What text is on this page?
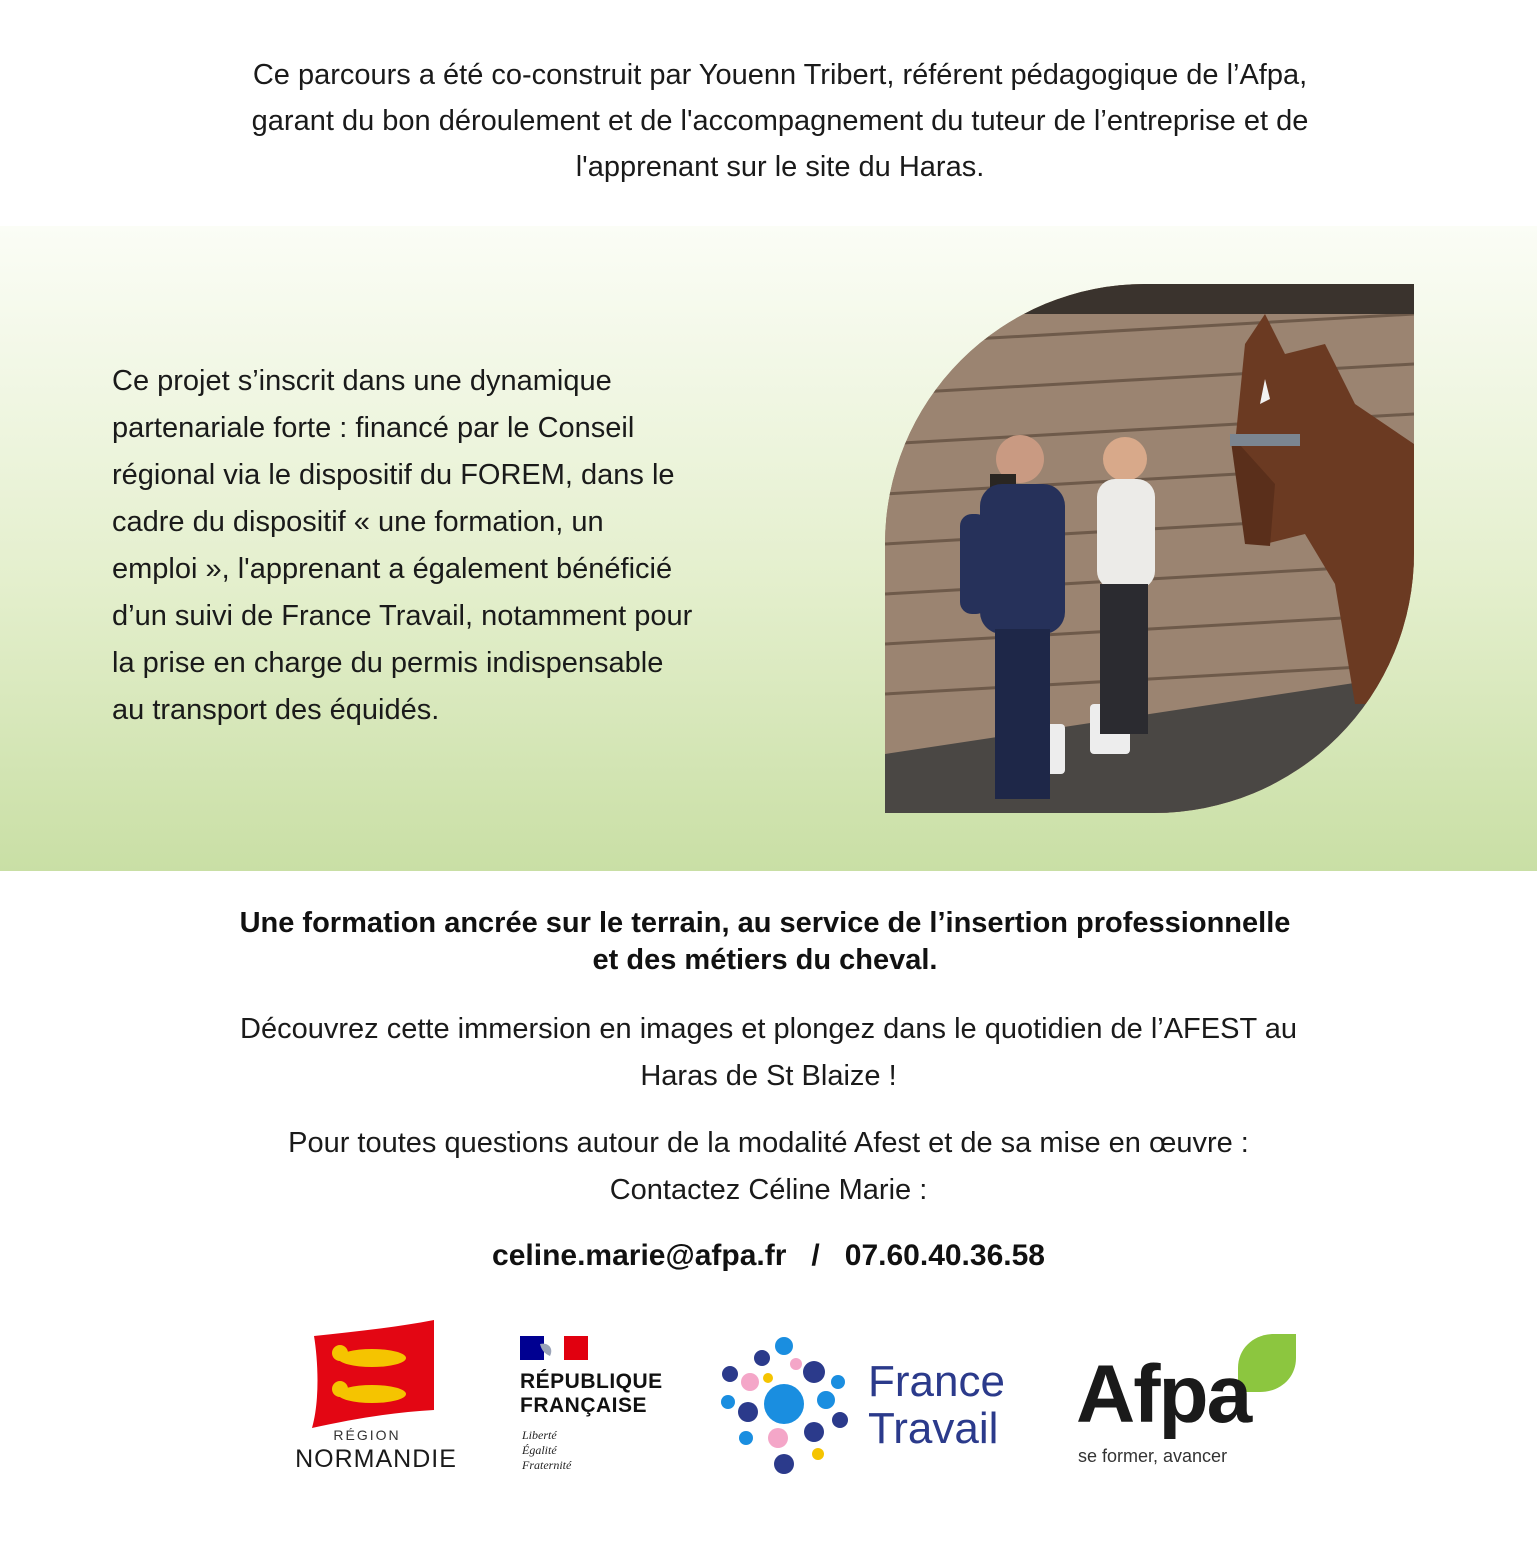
Ce parcours a été co-construit par Youenn Tribert, référent pédagogique de l’Afpa,
garant du bon déroulement et de l'accompagnement du tuteur de l’entreprise et de
l'apprenant sur le site du Haras.
Ce projet s’inscrit dans une dynamique
partenariale forte : financé par le Conseil
régional via le dispositif du FOREM, dans le
cadre du dispositif « une formation, un
emploi », l'apprenant a également bénéficié
d’un suivi de France Travail, notamment pour
la prise en charge du permis indispensable
au transport des équidés.
Une formation ancrée sur le terrain, au service de l’insertion professionnelle
et des métiers du cheval.
Découvrez cette immersion en images et plongez dans le quotidien de l’AFEST au
Haras de St Blaize !
Pour toutes questions autour de la modalité Afest et de sa mise en œuvre :
Contactez Céline Marie :
celine.marie@afpa.fr / 07.60.40.36.58
RÉGION
NORMANDIE
RÉPUBLIQUE
FRANÇAISE
Liberté
Égalité
Fraternité
France
Travail Afpa
se former, avancer
